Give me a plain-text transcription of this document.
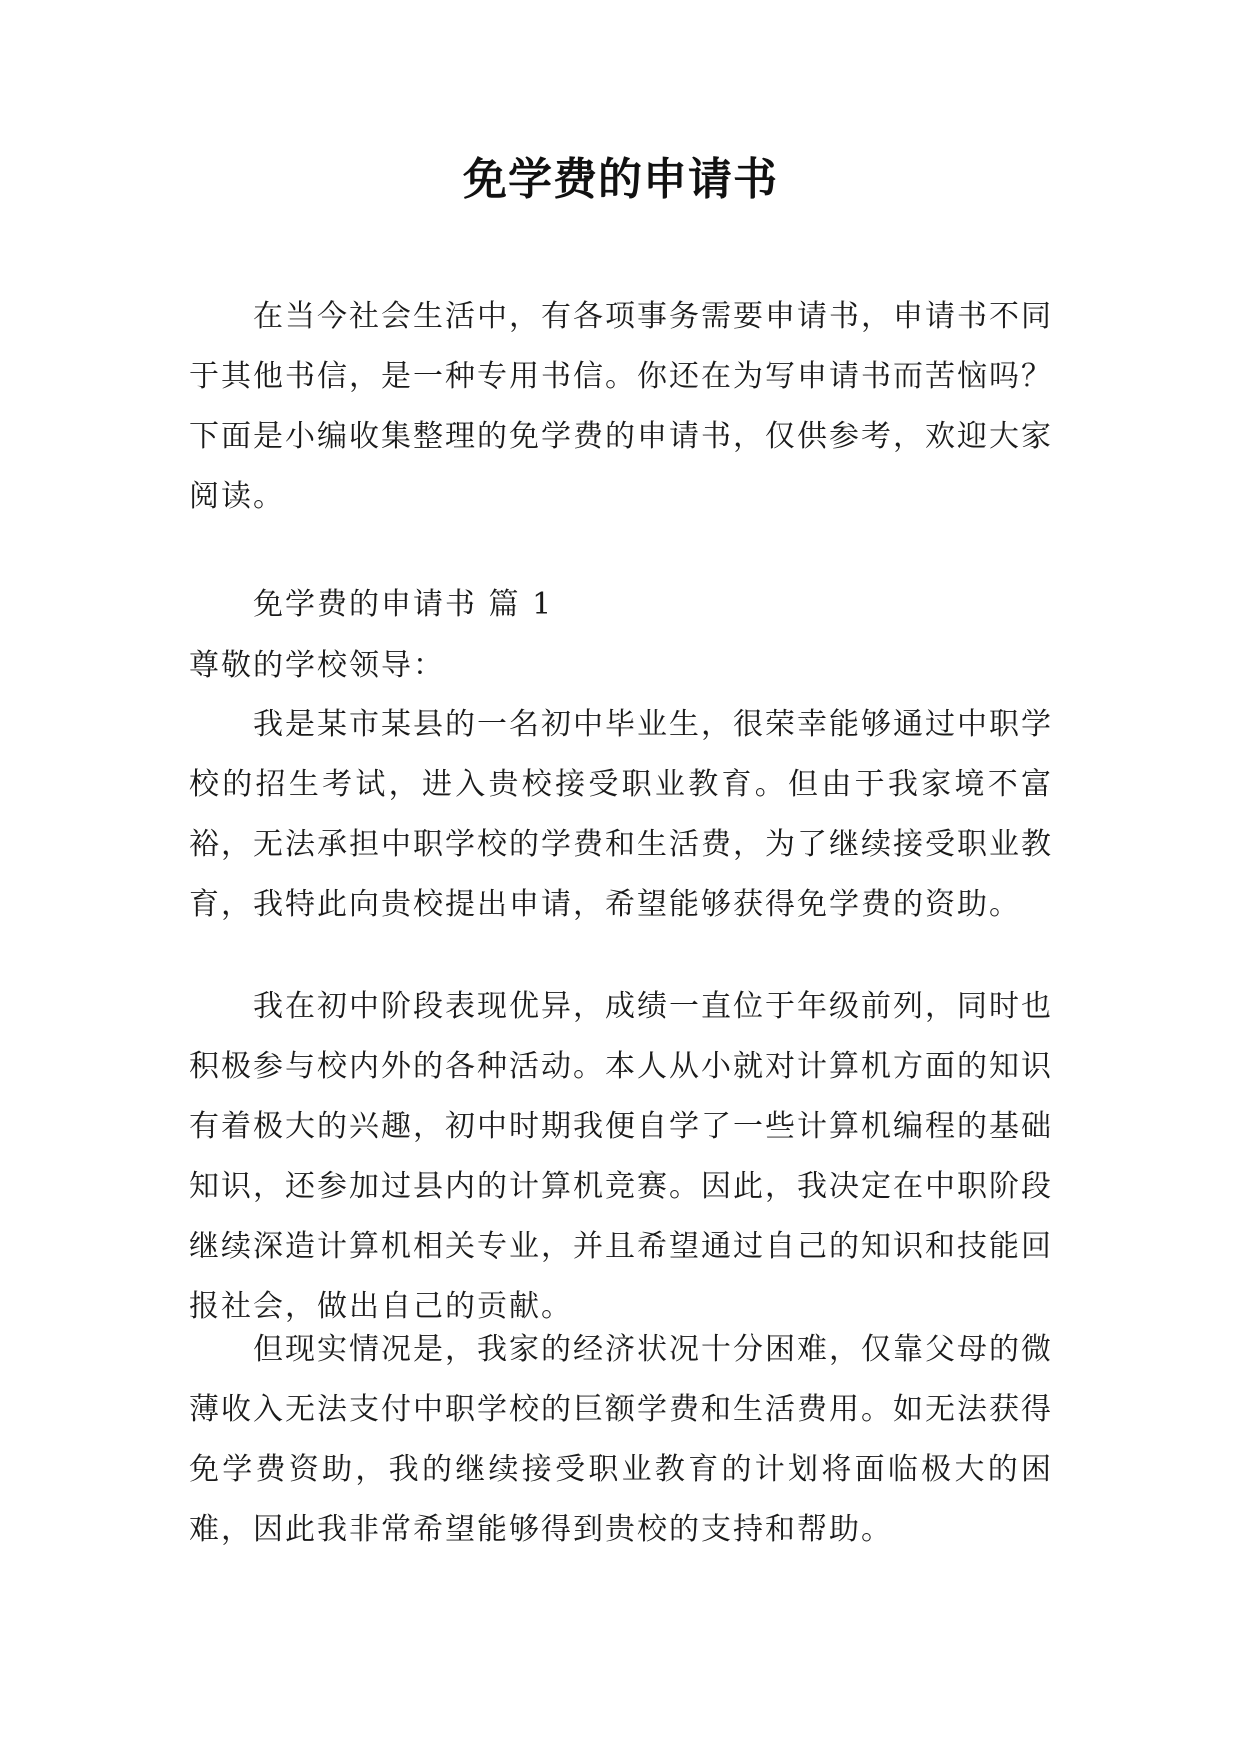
免学费的申请书

在当今社会生活中，有各项事务需要申请书，申请书不同于其他书信，是一种专用书信。你还在为写申请书而苦恼吗？下面是小编收集整理的免学费的申请书，仅供参考，欢迎大家阅读。

免学费的申请书 篇 1

尊敬的学校领导：

我是某市某县的一名初中毕业生，很荣幸能够通过中职学校的招生考试，进入贵校接受职业教育。但由于我家境不富裕，无法承担中职学校的学费和生活费，为了继续接受职业教育，我特此向贵校提出申请，希望能够获得免学费的资助。

我在初中阶段表现优异，成绩一直位于年级前列，同时也积极参与校内外的各种活动。本人从小就对计算机方面的知识有着极大的兴趣，初中时期我便自学了一些计算机编程的基础知识，还参加过县内的计算机竞赛。因此，我决定在中职阶段继续深造计算机相关专业，并且希望通过自己的知识和技能回报社会，做出自己的贡献。

但现实情况是，我家的经济状况十分困难，仅靠父母的微薄收入无法支付中职学校的巨额学费和生活费用。如无法获得免学费资助，我的继续接受职业教育的计划将面临极大的困难，因此我非常希望能够得到贵校的支持和帮助。
